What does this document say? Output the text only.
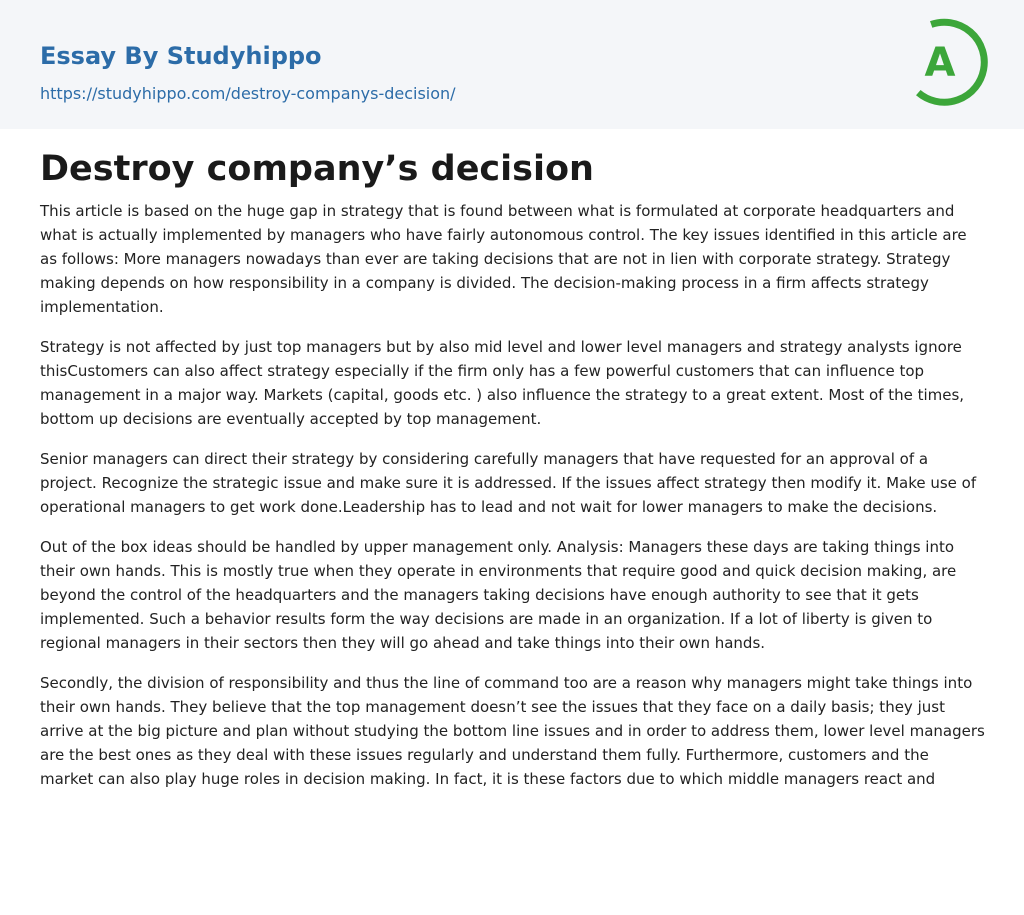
Essay By Studyhippo
https://studyhippo.com/destroy-companys-decision/
A
Destroy company’s decision

This article is based on the huge gap in strategy that is found between what is formulated at corporate headquarters and what is actually implemented by managers who have fairly autonomous control. The key issues identified in this article are as follows: More managers nowadays than ever are taking decisions that are not in lien with corporate strategy. Strategy making depends on how responsibility in a company is divided. The decision-making process in a firm affects strategy implementation.

Strategy is not affected by just top managers but by also mid level and lower level managers and strategy analysts ignore thisCustomers can also affect strategy especially if the firm only has a few powerful customers that can influence top management in a major way. Markets (capital, goods etc. ) also influence the strategy to a great extent. Most of the times, bottom up decisions are eventually accepted by top management.

Senior managers can direct their strategy by considering carefully managers that have requested for an approval of a project. Recognize the strategic issue and make sure it is addressed. If the issues affect strategy then modify it. Make use of operational managers to get work done.Leadership has to lead and not wait for lower managers to make the decisions.

Out of the box ideas should be handled by upper management only. Analysis: Managers these days are taking things into their own hands. This is mostly true when they operate in environments that require good and quick decision making, are beyond the control of the headquarters and the managers taking decisions have enough authority to see that it gets implemented. Such a behavior results form the way decisions are made in an organization. If a lot of liberty is given to regional managers in their sectors then they will go ahead and take things into their own hands.

Secondly, the division of responsibility and thus the line of command too are a reason why managers might take things into their own hands. They believe that the top management doesn’t see the issues that they face on a daily basis; they just arrive at the big picture and plan without studying the bottom line issues and in order to address them, lower level managers are the best ones as they deal with these issues regularly and understand them fully. Furthermore, customers and the market can also play huge roles in decision making. In fact, it is these factors due to which middle managers react and
